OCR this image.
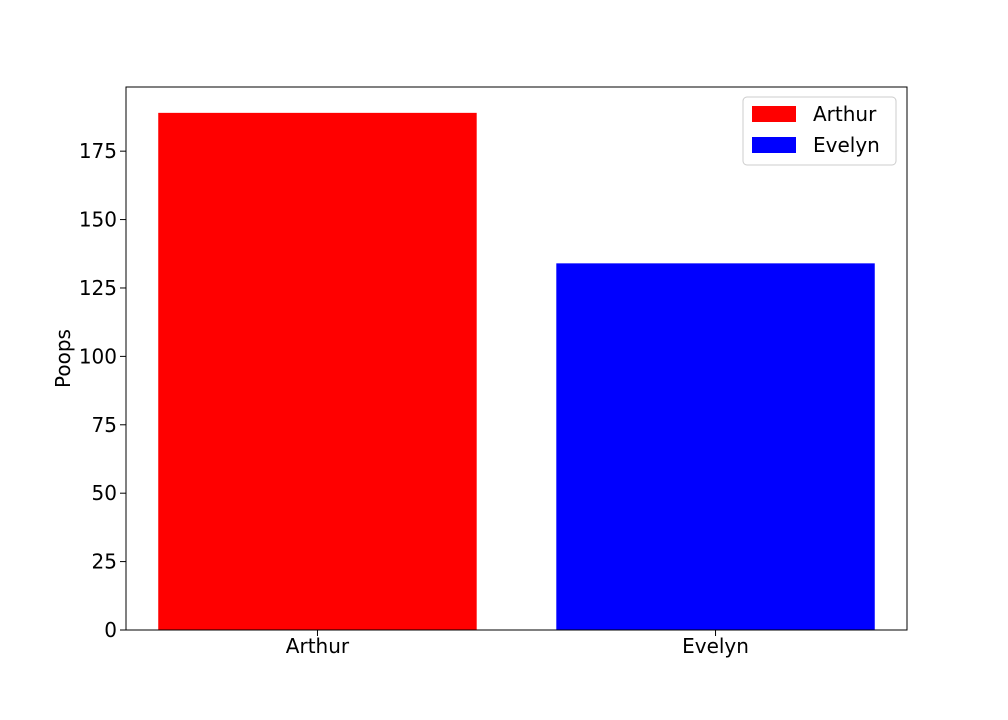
0
25
50
75
100
125
150
175
Arthur	Evelyn
Poops
Arthur
Evelyn
